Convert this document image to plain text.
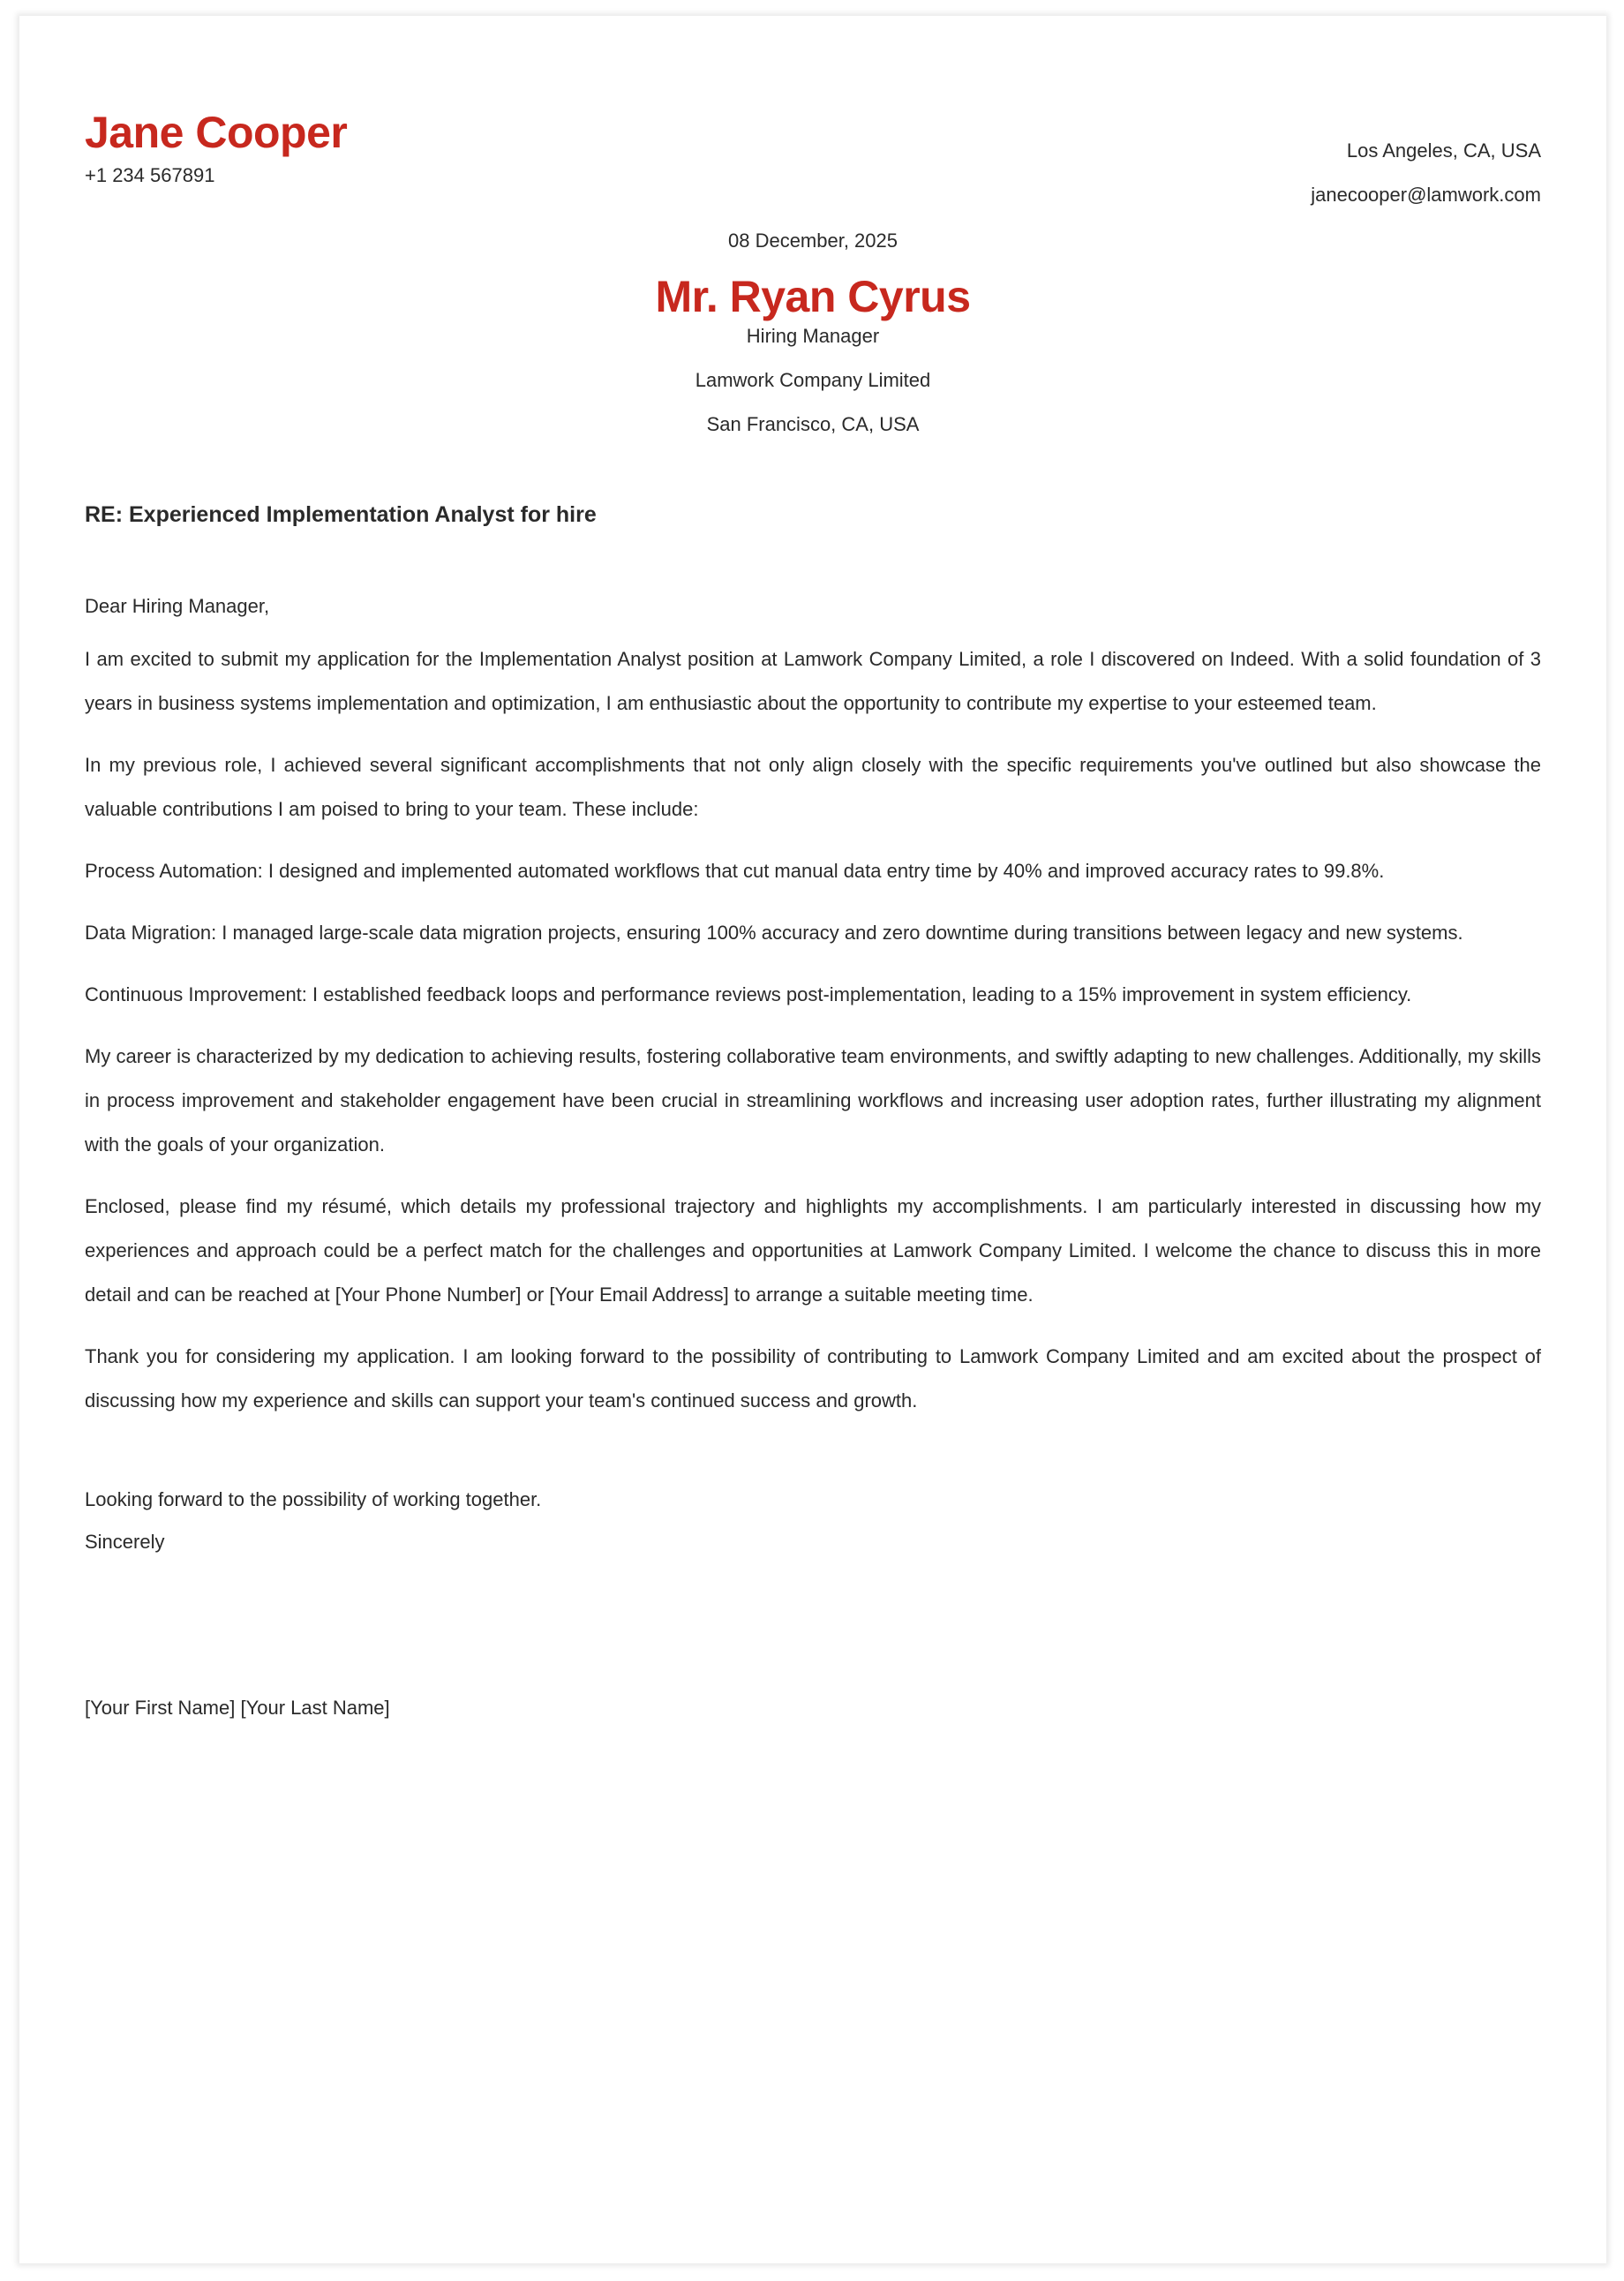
Jane Cooper
+1 234 567891
Los Angeles, CA, USA
janecooper@lamwork.com
08 December, 2025
Mr. Ryan Cyrus
Hiring Manager
Lamwork Company Limited
San Francisco, CA, USA
RE: Experienced Implementation Analyst for hire
Dear Hiring Manager,

I am excited to submit my application for the Implementation Analyst position at Lamwork Company Limited, a role I discovered on Indeed. With a solid foundation of 3 years in business systems implementation and optimization, I am enthusiastic about the opportunity to contribute my expertise to your esteemed team.

In my previous role, I achieved several significant accomplishments that not only align closely with the specific requirements you've outlined but also showcase the valuable contributions I am poised to bring to your team. These include:

Process Automation: I designed and implemented automated workflows that cut manual data entry time by 40% and improved accuracy rates to 99.8%.

Data Migration: I managed large-scale data migration projects, ensuring 100% accuracy and zero downtime during transitions between legacy and new systems.

Continuous Improvement: I established feedback loops and performance reviews post-implementation, leading to a 15% improvement in system efficiency.

My career is characterized by my dedication to achieving results, fostering collaborative team environments, and swiftly adapting to new challenges. Additionally, my skills in process improvement and stakeholder engagement have been crucial in streamlining workflows and increasing user adoption rates, further illustrating my alignment with the goals of your organization.

Enclosed, please find my résumé, which details my professional trajectory and highlights my accomplishments. I am particularly interested in discussing how my experiences and approach could be a perfect match for the challenges and opportunities at Lamwork Company Limited. I welcome the chance to discuss this in more detail and can be reached at [Your Phone Number] or [Your Email Address] to arrange a suitable meeting time.

Thank you for considering my application. I am looking forward to the possibility of contributing to Lamwork Company Limited and am excited about the prospect of discussing how my experience and skills can support your team's continued success and growth.

Looking forward to the possibility of working together.
Sincerely
[Your First Name] [Your Last Name]
